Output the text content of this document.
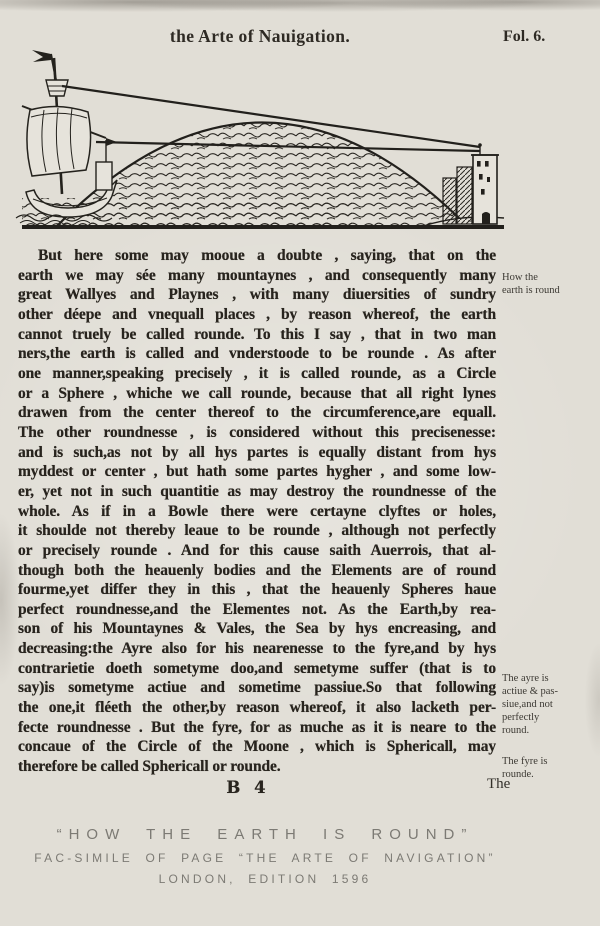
the Arte of Nauigation.	Fol. 6.
But here some may mooue a doubte , saying, that on the
earth we may sée many mountaynes , and consequently many
great Wallyes and Playnes , with many diuersities of sundry
other déepe and vnequall places , by reason whereof, the earth
cannot truely be called rounde. To this I say , that in two man
ners,the earth is called and vnderstoode to be rounde . As after
one manner,speaking precisely , it is called rounde, as a Circle
or a Sphere , whiche we call rounde, because that all right lynes
drawen from the center thereof to the circumference,are equall.
The other roundnesse , is considered without this precisenesse:
and is such,as not by all hys partes is equally distant from hys
myddest or center , but hath some partes hygher , and some low-
er, yet not in such quantitie as may destroy the roundnesse of the
whole. As if in a Bowle there were certayne clyftes or holes,
it shoulde not thereby leaue to be rounde , although not perfectly
or precisely rounde . And for this cause saith Auerrois, that al-
though both the heauenly bodies and the Elements are of round
fourme,yet differ they in this , that the heauenly Spheres haue
perfect roundnesse,and the Elementes not. As the Earth,by rea-
son of his Mountaynes & Vales, the Sea by hys encreasing, and
decreasing:the Ayre also for his nearenesse to the fyre,and by hys
contrarietie doeth sometyme doo,and semetyme suffer (that is to
say)is sometyme actiue and sometime passiue.So that following
the one,it fléeth the other,by reason whereof, it also lacketh per-
fecte roundnesse . But the fyre, for as muche as it is neare to the
concaue of the Circle of the Moone , which is Sphericall, may
therefore be called Sphericall or rounde.
How the
earth is round
The ayre is
actiue & pas-
siue,and not
perfectly
round.
The fyre is
rounde.
B 4	The
“HOW THE EARTH IS ROUND”
FAC-SIMILE OF PAGE “THE ARTE OF NAVIGATION”
LONDON, EDITION 1596
